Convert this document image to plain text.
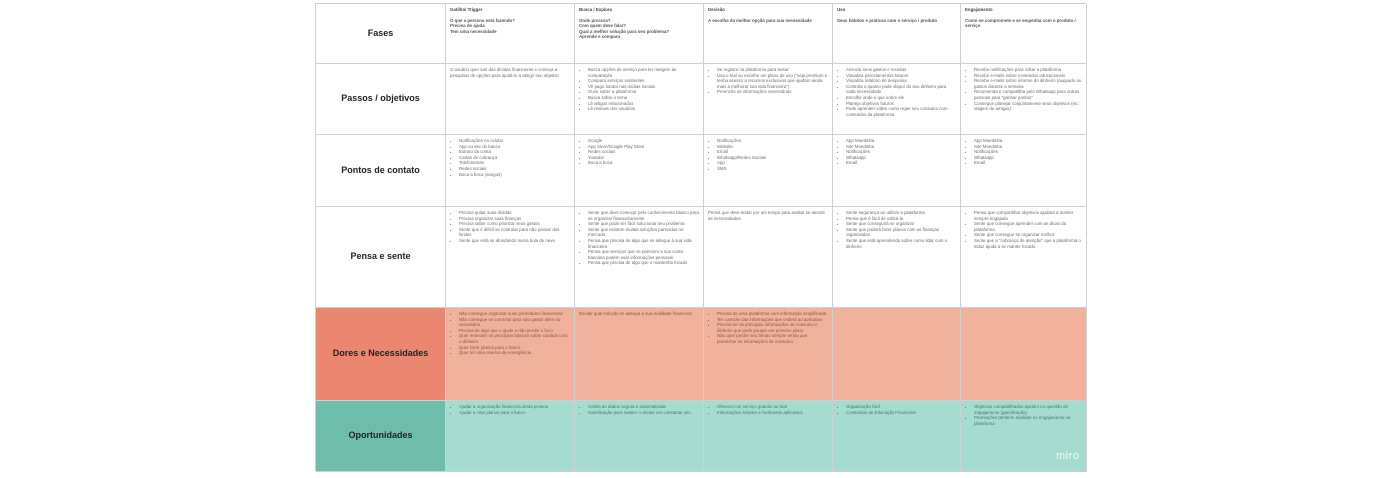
Fases
Gatilho/ Trigger
O que a persona está fazendo?
Precisa de ajuda
Tem uma necessidade
Busca / Explora
Onde procura?
Com quem deve falar?
Qual a melhor solução para seu problema?
Aprende e compara
Decisão
A escolha da melhor opção para sua necessidade
Uso
Seus hábitos e práticas com o serviço / produto
Engajamento
Como se compromete e se empenha com o produto / serviço
Passos / objetivos
O usuário quer sair das dívidas financeiras e começa a pesquisar de opções para ajudá-lo a atingir seu objetivo
• Busca opções de serviço para ter margem de comparação
• Compara serviços existentes
• Vê pago barato nas mídias sociais
• Ouve sobre a plataforma
• Busca sobre o tema
• Lê artigos relacionados
• Lê reviews dos usuários
• Se registra na plataforma para testar
• Usa o trial ou escolhe um plano de uso ("seja premium e tenha acesso a recursos exclusivos que ajudam ainda mais a melhorar sua vida financeira")
• Preenche as informações necessárias
• Associa seus gastos e receitas
• Visualiza parcelamentos futuros
• Visualiza relatório de despesas
• Controla o quanto pode dispor do seu dinheiro para cada necessidade
• Escolhe onde e que sobre ele
• Planeja objetivos futuros
• Pode aprender sobre como reger seu consumo com conteúdos da plataforma
• Recebe notificações para voltar a plataforma
• Recebe e-mails sobre conteúdos educacionais
• Recebe e-mails sobre informe do dinheiro (ouquado ou gastos durante a semana
• Recomenda e compartilha pelo Whatsapp para outras pessoas para "ganhar pontos"
• Consegue planejar conjuntamente seus objetivos (ex.: viagem de amigos)
Pontos de contato
• Notificações no celular
• App ou site do banco
• Extrato da conta
• Cartas de cobrança
• Telefonemas
• Redes sociais
• Boca a boca (amigos)
• Google
• App Store/Google Play Store
• Redes sociais
• Youtube
• Boca a boca
• Notificações
• Website
• Email
• Whatsapp/Redes Sociais
• App
• SMS
• App Moedinha
• Site Moedinha
• Notificações
• Whatsapp
• Email
• App Moedinha
• Site Moedinha
• Notificações
• Whatsapp
• Email
Pensa e sente
• Precisa quitar suas dívidas
• Precisa organizar suas finanças
• Precisa saber como priorizar seus gastos
• Sente que é difícil se controlar para não passar dos limites
• Sente que está se afundando numa bola de neve
• Sente que deve começar pelo conhecimento básico para se organizar financeiramente
• Sente que pode ser fácil solucionar seu problema
• Sente que existem muitas soluções parecidas no mercado
• Pensa que precisa de algo que se adeque à sua vida financeira
• Pensa que serviços que se parecem a sua conta bancária podem usar informações pessoais
• Pensa que precisa de algo que o mantenha focado
Pensa que deve testar por um tempo para avaliar se atende às necessidades
• Sente segurança ao utilizar a plataforma
• Pensa que é fácil de utilizá-la
• Sente que conseguirá se organizar
• Sente que poderá fazer planos com as finanças organizadas
• Sente que está aprendendo sobre como lidar com o dinheiro
• Pensa que compartilhar objetivos ajudará a manter sempre engajado
• Sente que consegue aprender com as dicas da plataforma
• Sente que consegue se organizar melhor
• Sente que a "cobrança de atenção" que a plataforma o induz ajuda a se manter focado
Dores e Necessidades
• Não consegue organizar suas prioridades financeiras
• Não consegue se controlar para não gastar além do necessário
• Precisa de algo que o ajude a não perder o foco
• Quer entender os princípios básicos sobre cuidado com o dinheiro
• Quer fazer planos para o futuro
• Quer ter uma reserva de emergência
Decidir qual solução se adequa à sua realidade financeira
•	Precisa de uma plataforma com informação simplificada
• Ter controle das informações que cederá ao aplicativo
• Precisa ter as principais informações de consumo e dinheiro que pode poupar em primeiro plano
• Não quer perder seu tempo sempre tendo que preencher as informações de consumo
Oportunidades
• Ajudar a organização financeira desta pessoa
• Ajudar a criar planos para o futuro
• Coleta de dados segura e automatizada
• Gamificação para manter o cliente em constante uso
• Oferecer um serviço gratuito ou trial
• Informações simples e facilmente aplicáveis
• Organização fácil
• Conteúdos de Educação Financeira
• Objetivos compartilhados ajudam no questão do engajamento (gamificação)
• Premiações também auxiliam no engajamento na plataforma
miro
